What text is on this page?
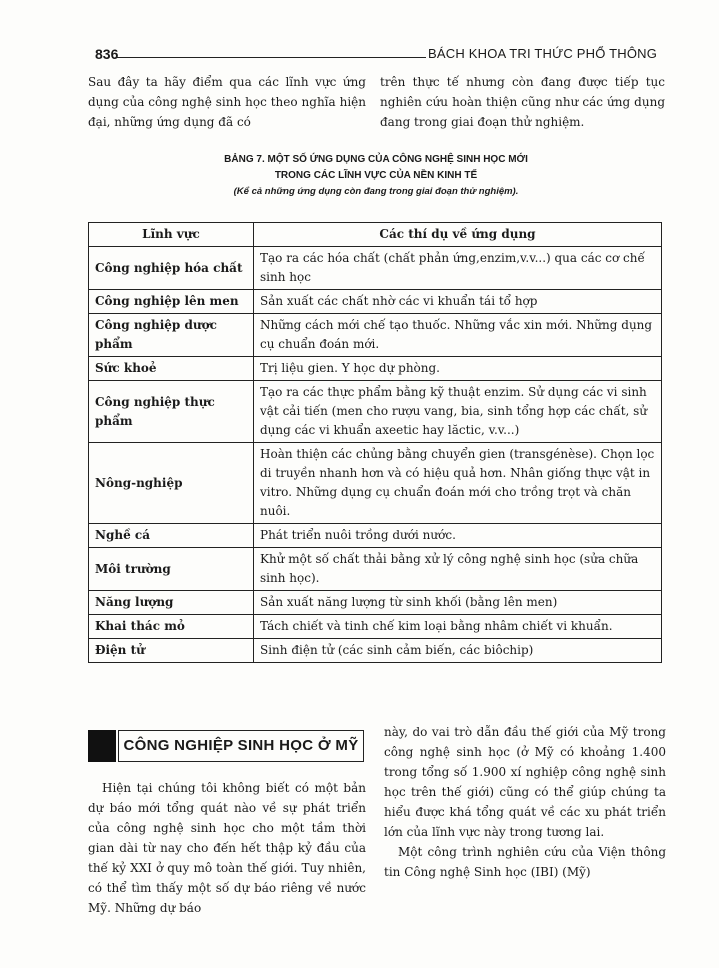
836	BÁCH KHOA TRI THỨC PHỔ THÔNG

Sau đây ta hãy điểm qua các lĩnh vực ứng dụng của công nghệ sinh học theo nghĩa hiện đại, những ứng dụng đã có

trên thực tế nhưng còn đang được tiếp tục nghiên cứu hoàn thiện cũng như các ứng dụng đang trong giai đoạn thử nghiệm.

BẢNG 7. MỘT SỐ ỨNG DỤNG CỦA CÔNG NGHỆ SINH HỌC MỚI
TRONG CÁC LĨNH VỰC CỦA NỀN KINH TẾ
(Kể cả những ứng dụng còn đang trong giai đoạn thử nghiệm).
Lĩnh vực	Các thí dụ về ứng dụng
Công nghiệp hóa chất	Tạo ra các hóa chất (chất phản ứng,enzim,v.v...) qua các cơ chế sinh học
Công nghiệp lên men	Sản xuất các chất nhờ các vi khuẩn tái tổ hợp
Công nghiệp dược phẩm	Những cách mới chế tạo thuốc. Những vắc xin mới. Những dụng cụ chuẩn đoán mới.
Sức khoẻ	Trị liệu gien. Y học dự phòng.
Công nghiệp thực phẩm	Tạo ra các thực phẩm bằng kỹ thuật enzim. Sử dụng các vi sinh vật cải tiến (men cho rượu vang, bia, sinh tổng hợp các chất, sử dụng các vi khuẩn axeetic hay lăctic, v.v...)
Nông-nghiệp	Hoàn thiện các chủng bằng chuyển gien (transgénèse). Chọn lọc di truyền nhanh hơn và có hiệu quả hơn. Nhân giống thực vật in vitro. Những dụng cụ chuẩn đoán mới cho trồng trọt và chăn nuôi.
Nghề cá	Phát triển nuôi trồng dưới nước.
Môi trường	Khử một số chất thải bằng xử lý công nghệ sinh học (sửa chữa sinh học).
Năng lượng	Sản xuất năng lượng từ sinh khối (bằng lên men)
Khai thác mỏ	Tách chiết và tinh chế kim loại bằng nhâm chiết vi khuẩn.
Điện tử	Sinh điện tử (các sinh cảm biến, các biôchip)
CÔNG NGHIỆP SINH HỌC Ở MỸ

Hiện tại chúng tôi không biết có một bản dự báo mới tổng quát nào về sự phát triển của công nghệ sinh học cho một tầm thời gian dài từ nay cho đến hết thập kỷ đầu của thế kỷ XXI ở quy mô toàn thế giới. Tuy nhiên, có thể tìm thấy một số dự báo riêng về nước Mỹ. Những dự báo

này, do vai trò dẫn đầu thế giới của Mỹ trong công nghệ sinh học (ở Mỹ có khoảng 1.400 trong tổng số 1.900 xí nghiệp công nghệ sinh học trên thế giới) cũng có thể giúp chúng ta hiểu được khá tổng quát về các xu phát triển lớn của lĩnh vực này trong tương lai.

Một công trình nghiên cứu của Viện thông tin Công nghệ Sinh học (IBI) (Mỹ)
